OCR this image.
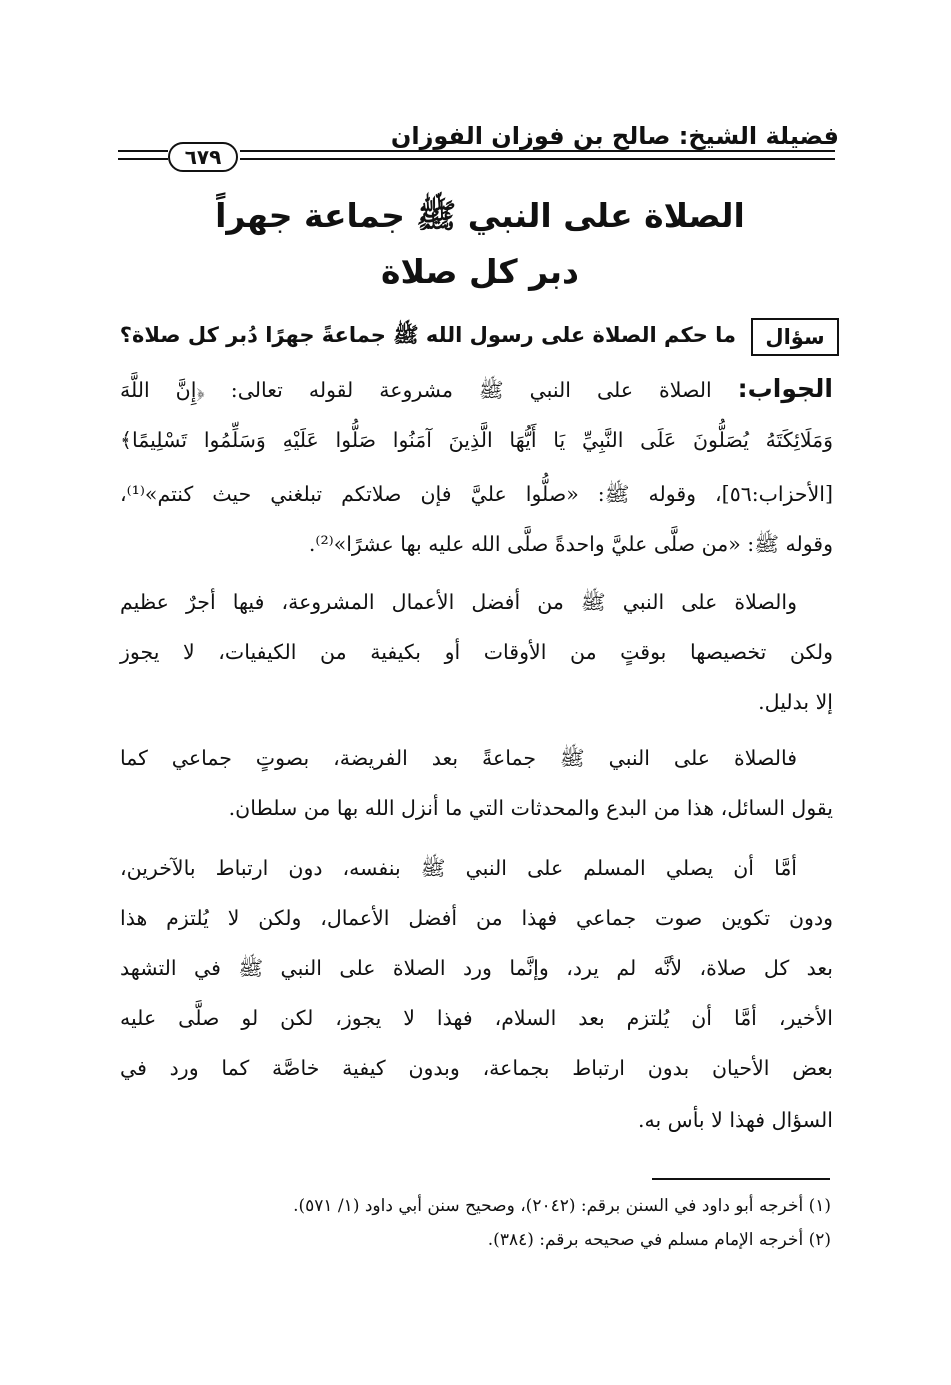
فضيلة الشيخ: صالح بن فوزان الفوزان
٦٧٩
الصلاة على النبي ﷺ جماعة جهراً
دبر كل صلاة
سؤال
ما حكم الصلاة على رسول الله ﷺ جماعةً جهرًا دُبر كل صلاة؟
الجواب: الصلاة على النبي ﷺ مشروعة لقوله تعالى: ﴿إِنَّ اللَّهَ
وَمَلَائِكَتَهُ يُصَلُّونَ عَلَى النَّبِيِّ يَا أَيُّهَا الَّذِينَ آمَنُوا صَلُّوا عَلَيْهِ وَسَلِّمُوا تَسْلِيمًا﴾
[الأحزاب:٥٦]، وقوله ﷺ: «صلُّوا عليَّ فإن صلاتكم تبلغني حيث كنتم»⁽¹⁾،
وقوله ﷺ: «من صلَّى عليَّ واحدةً صلَّى الله عليه بها عشرًا»⁽²⁾.
والصلاة على النبي ﷺ من أفضل الأعمال المشروعة، فيها أجرٌ عظيم
ولكن تخصيصها بوقتٍ من الأوقات أو بكيفية من الكيفيات، لا يجوز
إلا بدليل.
فالصلاة على النبي ﷺ جماعةً بعد الفريضة، بصوتٍ جماعي كما
يقول السائل، هذا من البدع والمحدثات التي ما أنزل الله بها من سلطان.
أمَّا أن يصلي المسلم على النبي ﷺ بنفسه، دون ارتباط بالآخرين،
ودون تكوين صوت جماعي فهذا من أفضل الأعمال، ولكن لا يُلتزم هذا
بعد كل صلاة، لأنَّه لم يرد، وإنَّما ورد الصلاة على النبي ﷺ في التشهد
الأخير، أمَّا أن يُلتزم بعد السلام، فهذا لا يجوز، لكن لو صلَّى عليه
بعض الأحيان بدون ارتباط بجماعة، وبدون كيفية خاصَّة كما ورد في
السؤال فهذا لا بأس به.
(١) أخرجه أبو داود في السنن برقم: (٢٠٤٢)، وصحيح سنن أبي داود (١/ ٥٧١).
(٢) أخرجه الإمام مسلم في صحيحه برقم: (٣٨٤).
